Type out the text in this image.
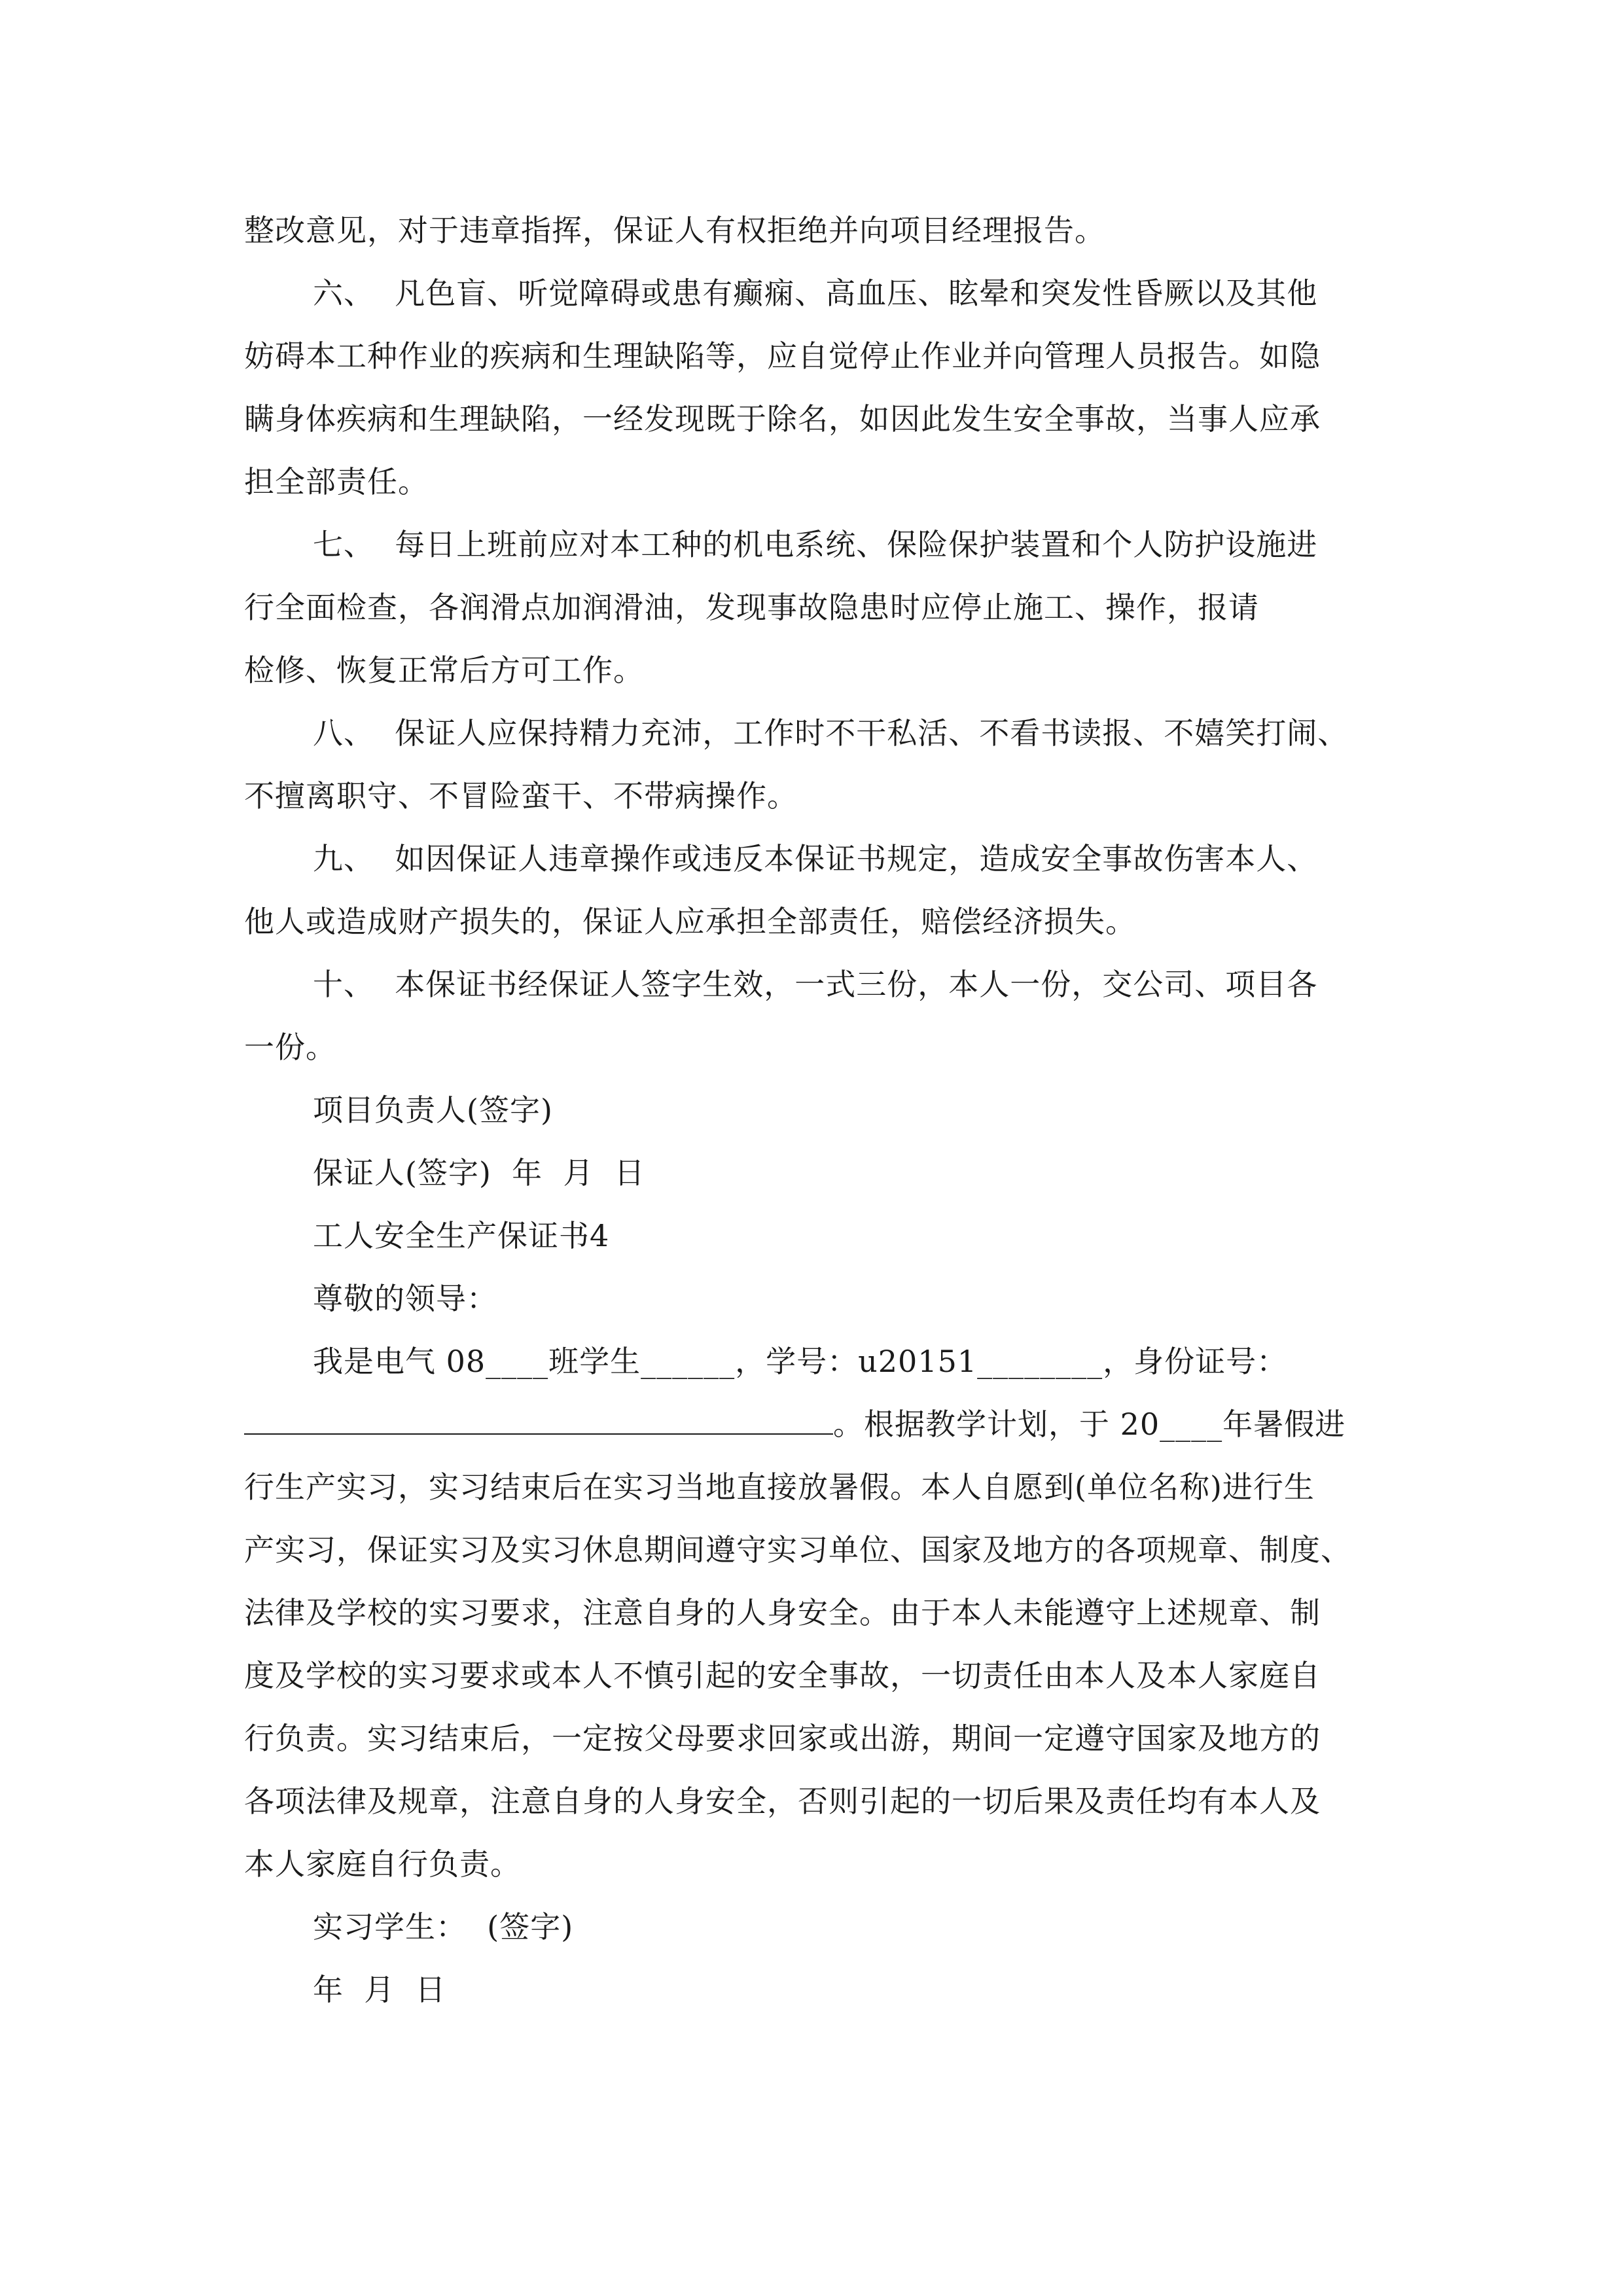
整改意见，对于违章指挥，保证人有权拒绝并向项目经理报告。
六、  凡色盲、听觉障碍或患有癫痫、高血压、眩晕和突发性昏厥以及其他
妨碍本工种作业的疾病和生理缺陷等，应自觉停止作业并向管理人员报告。如隐
瞒身体疾病和生理缺陷，一经发现既于除名，如因此发生安全事故，当事人应承
担全部责任。
七、  每日上班前应对本工种的机电系统、保险保护装置和个人防护设施进
行全面检查，各润滑点加润滑油，发现事故隐患时应停止施工、操作，报请
检修、恢复正常后方可工作。
八、  保证人应保持精力充沛，工作时不干私活、不看书读报、不嬉笑打闹、
不擅离职守、不冒险蛮干、不带病操作。
九、  如因保证人违章操作或违反本保证书规定，造成安全事故伤害本人、
他人或造成财产损失的，保证人应承担全部责任，赔偿经济损失。
十、  本保证书经保证人签字生效，一式三份，本人一份，交公司、项目各
一份。
项目负责人(签字)
保证人(签字)  年  月  日
工人安全生产保证书4
尊敬的领导：
我是电气 08____班学生______，学号：u20151________，身份证号：
。根据教学计划，于 20____年暑假进
行生产实习，实习结束后在实习当地直接放暑假。本人自愿到(单位名称)进行生
产实习，保证实习及实习休息期间遵守实习单位、国家及地方的各项规章、制度、
法律及学校的实习要求，注意自身的人身安全。由于本人未能遵守上述规章、制
度及学校的实习要求或本人不慎引起的安全事故，一切责任由本人及本人家庭自
行负责。实习结束后，一定按父母要求回家或出游，期间一定遵守国家及地方的
各项法律及规章，注意自身的人身安全，否则引起的一切后果及责任均有本人及
本人家庭自行负责。
实习学生：  (签字)
年  月  日
